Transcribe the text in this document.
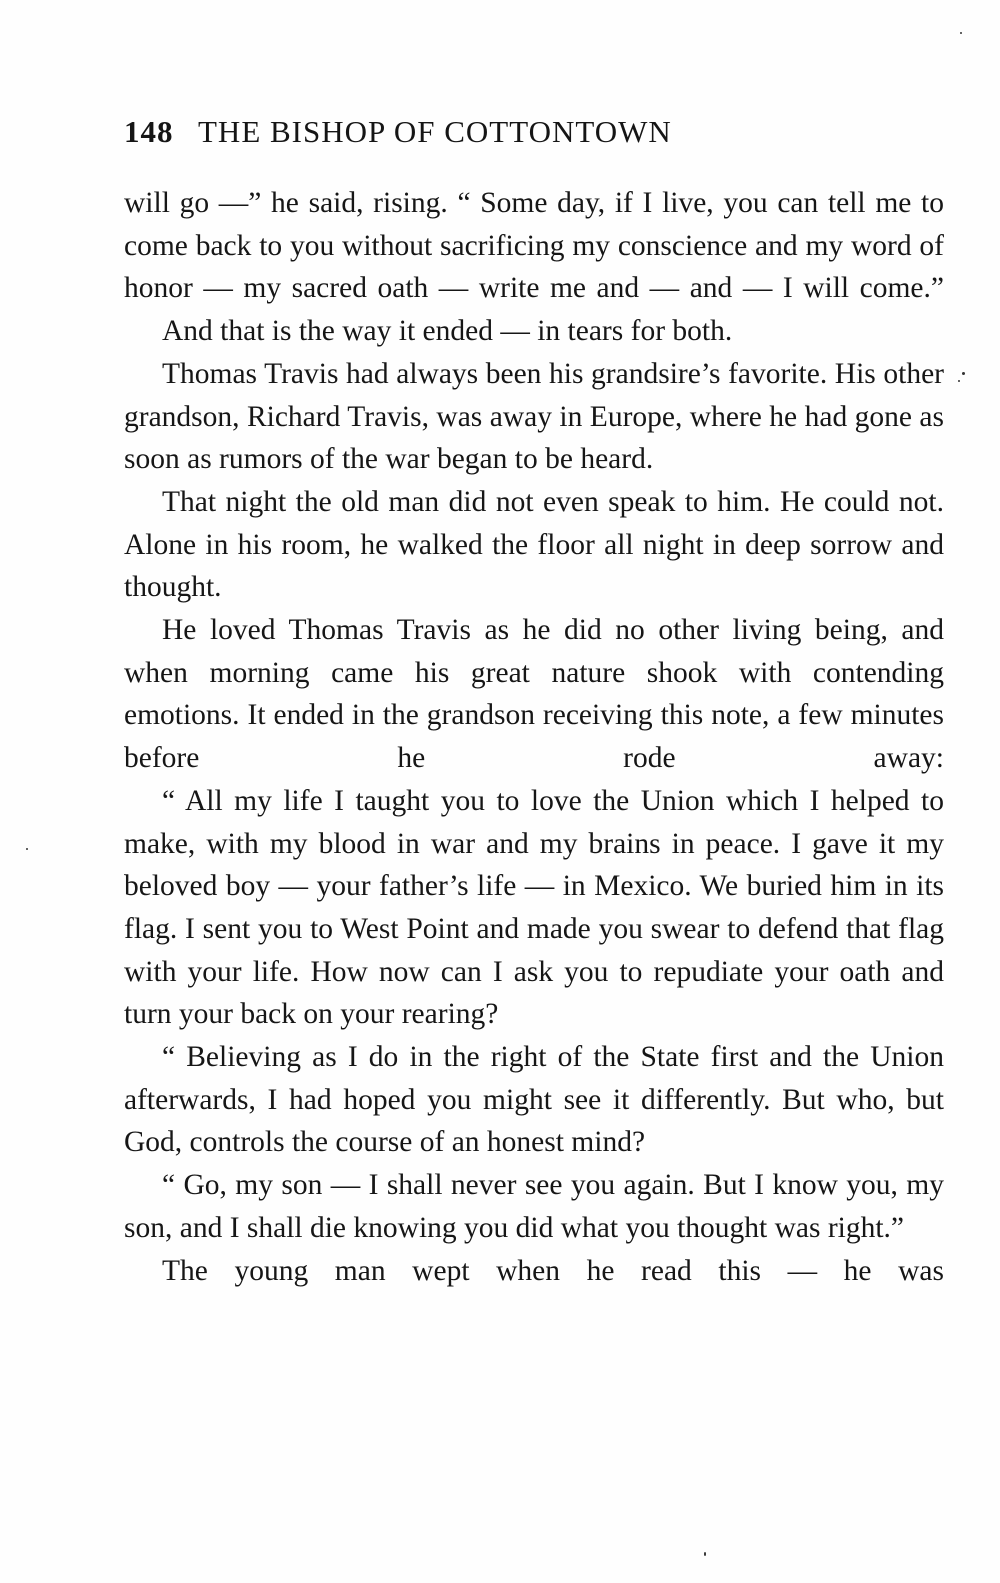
148 THE BISHOP OF COTTONTOWN

will go —” he said, rising. “ Some day, if I live, you can tell me to come back to you without sacrificing my conscience and my word of honor — my sacred oath — write me and — and — I will come.”

And that is the way it ended — in tears for both.

Thomas Travis had always been his grandsire’s favorite. His other grandson, Richard Travis, was away in Europe, where he had gone as soon as rumors of the war began to be heard.

That night the old man did not even speak to him. He could not. Alone in his room, he walked the floor all night in deep sorrow and thought.

He loved Thomas Travis as he did no other living being, and when morning came his great nature shook with contending emotions. It ended in the grandson receiving this note, a few minutes before he rode away:

“ All my life I taught you to love the Union which I helped to make, with my blood in war and my brains in peace. I gave it my beloved boy — your father’s life — in Mexico. We buried him in its flag. I sent you to West Point and made you swear to defend that flag with your life. How now can I ask you to repudiate your oath and turn your back on your rearing?

“ Believing as I do in the right of the State first and the Union afterwards, I had hoped you might see it differently. But who, but God, controls the course of an honest mind?

“ Go, my son — I shall never see you again. But I know you, my son, and I shall die knowing you did what you thought was right.”

The young man wept when he read this — he was
